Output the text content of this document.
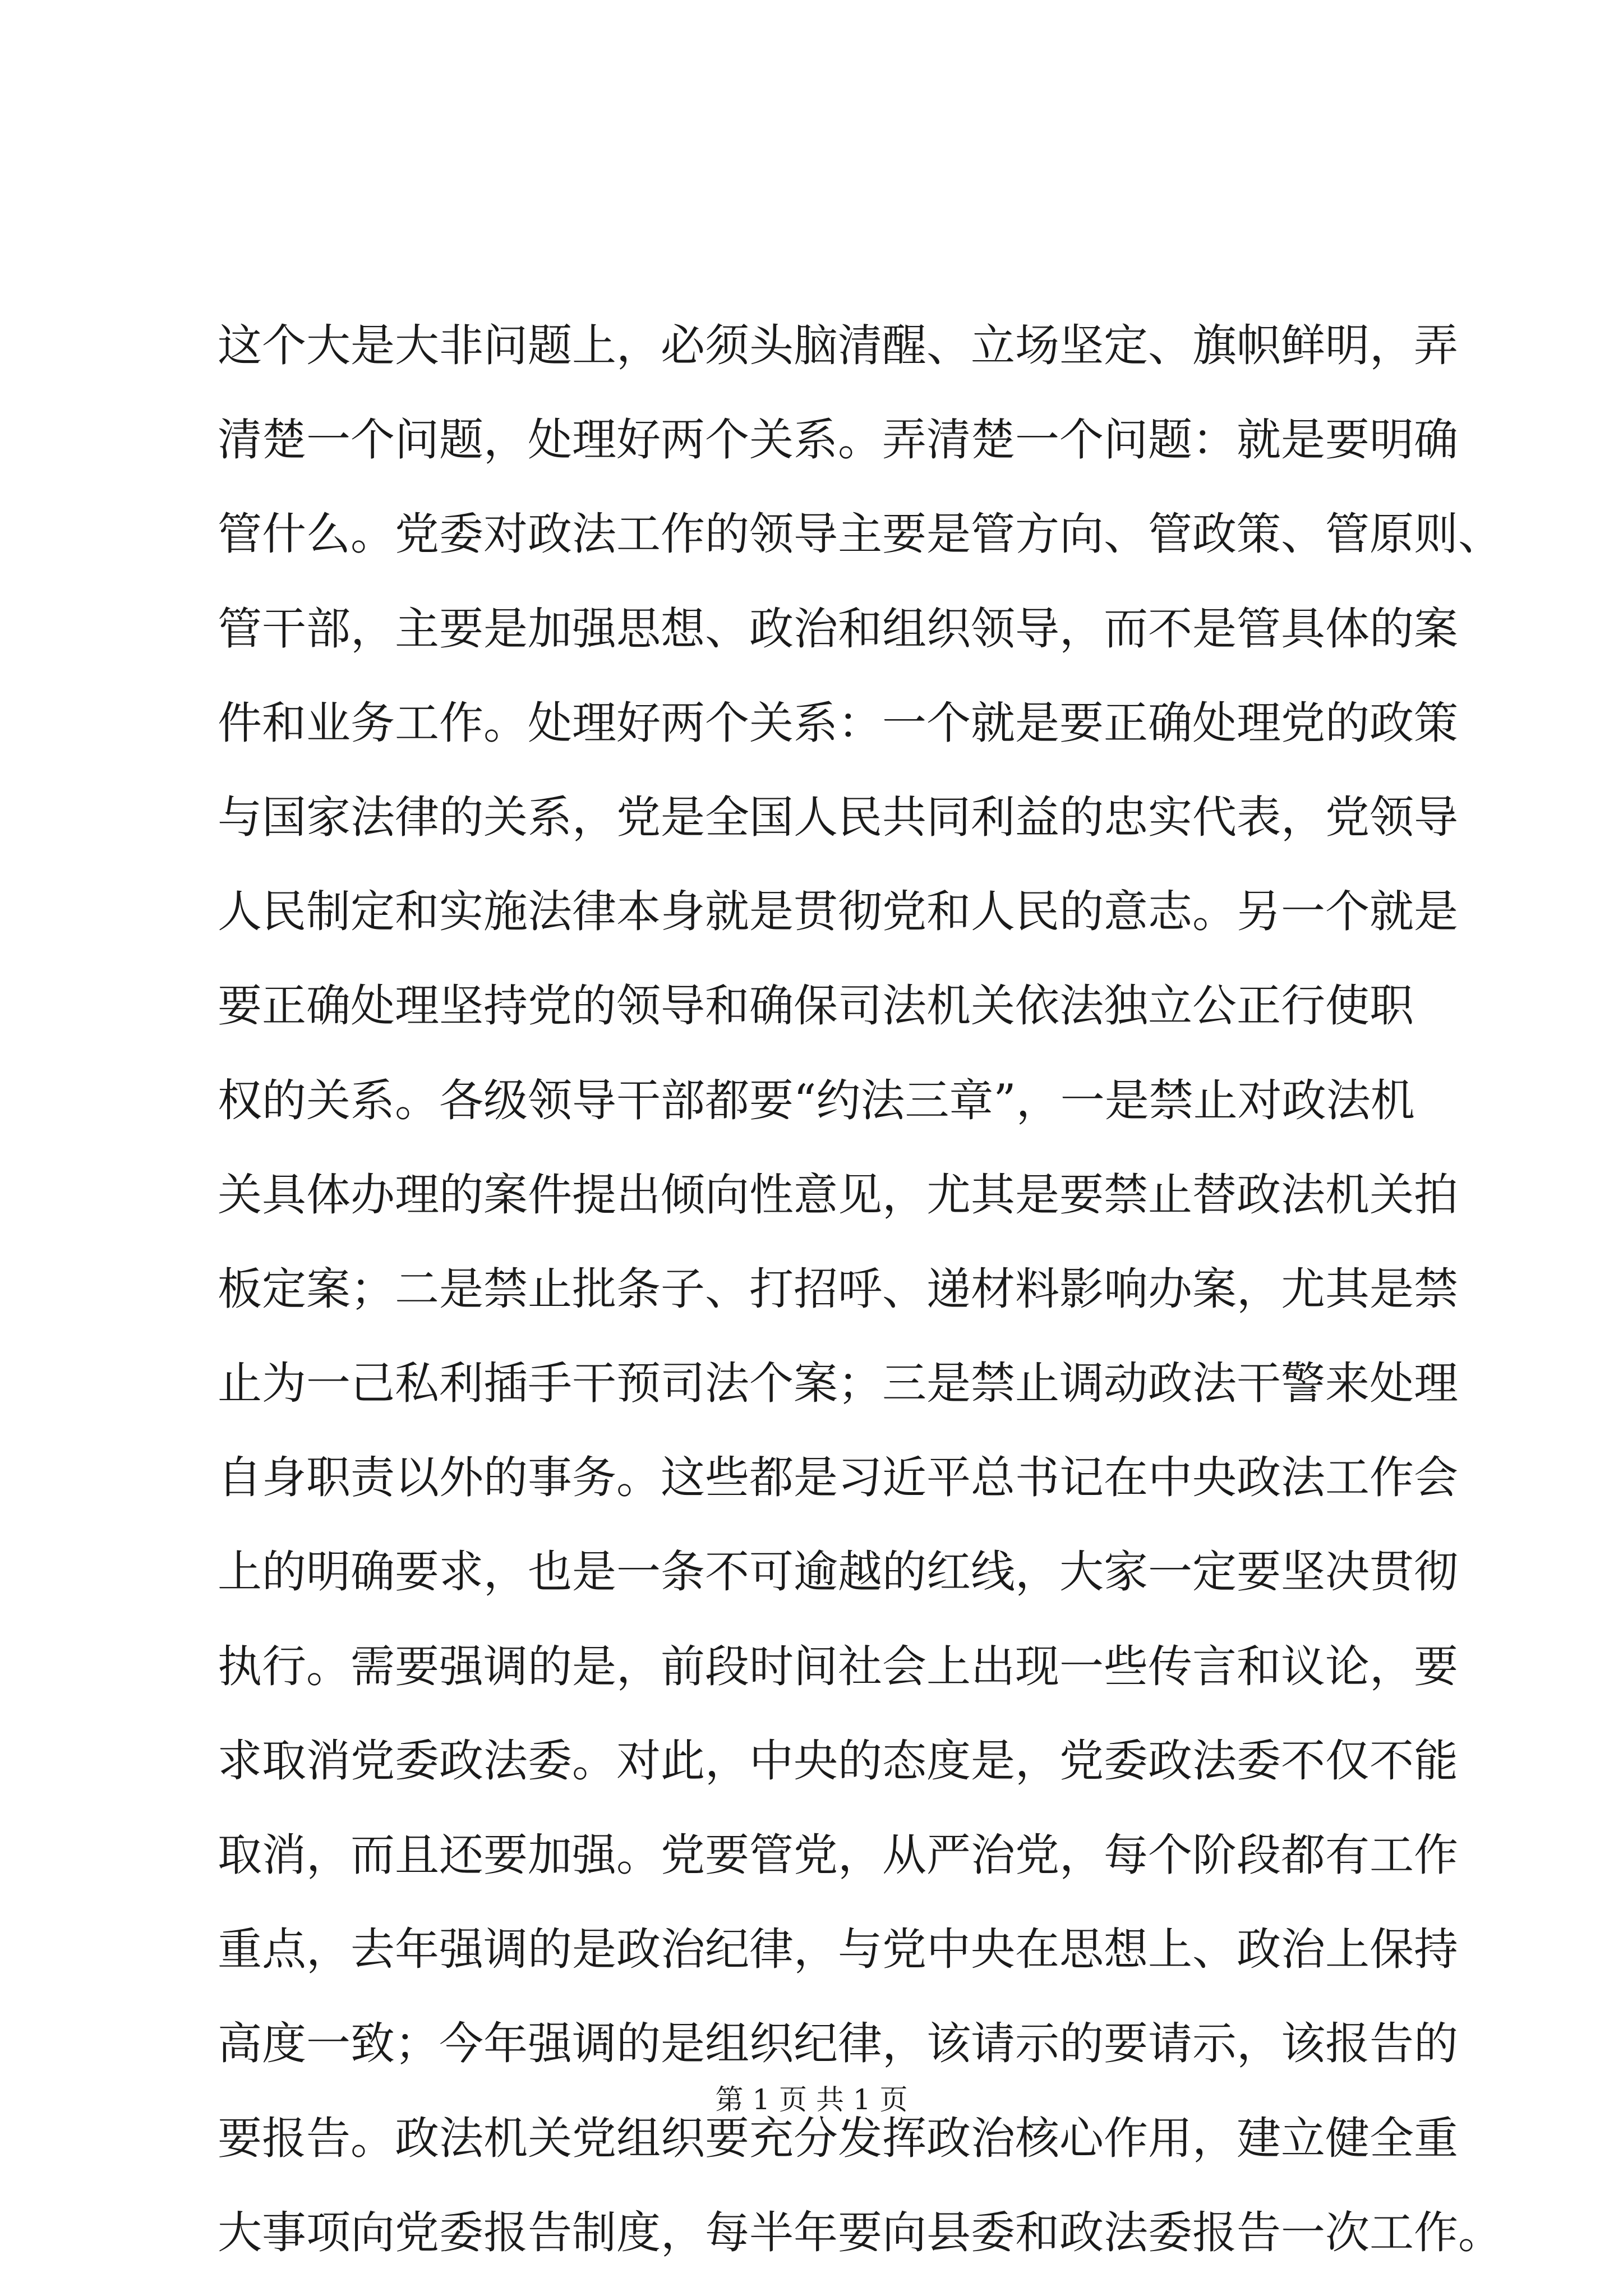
这个大是大非问题上，必须头脑清醒、立场坚定、旗帜鲜明，弄
清楚一个问题，处理好两个关系。弄清楚一个问题：就是要明确
管什么。党委对政法工作的领导主要是管方向、管政策、管原则、
管干部，主要是加强思想、政治和组织领导，而不是管具体的案
件和业务工作。处理好两个关系：一个就是要正确处理党的政策
与国家法律的关系，党是全国人民共同利益的忠实代表，党领导
人民制定和实施法律本身就是贯彻党和人民的意志。另一个就是
要正确处理坚持党的领导和确保司法机关依法独立公正行使职
权的关系。各级领导干部都要“约法三章”，一是禁止对政法机
关具体办理的案件提出倾向性意见，尤其是要禁止替政法机关拍
板定案；二是禁止批条子、打招呼、递材料影响办案，尤其是禁
止为一己私利插手干预司法个案；三是禁止调动政法干警来处理
自身职责以外的事务。这些都是习近平总书记在中央政法工作会
上的明确要求，也是一条不可逾越的红线，大家一定要坚决贯彻
执行。需要强调的是，前段时间社会上出现一些传言和议论，要
求取消党委政法委。对此，中央的态度是，党委政法委不仅不能
取消，而且还要加强。党要管党，从严治党，每个阶段都有工作
重点，去年强调的是政治纪律，与党中央在思想上、政治上保持
高度一致；今年强调的是组织纪律，该请示的要请示，该报告的
要报告。政法机关党组织要充分发挥政治核心作用，建立健全重
大事项向党委报告制度，每半年要向县委和政法委报告一次工作。
第 1 页 共 1 页
